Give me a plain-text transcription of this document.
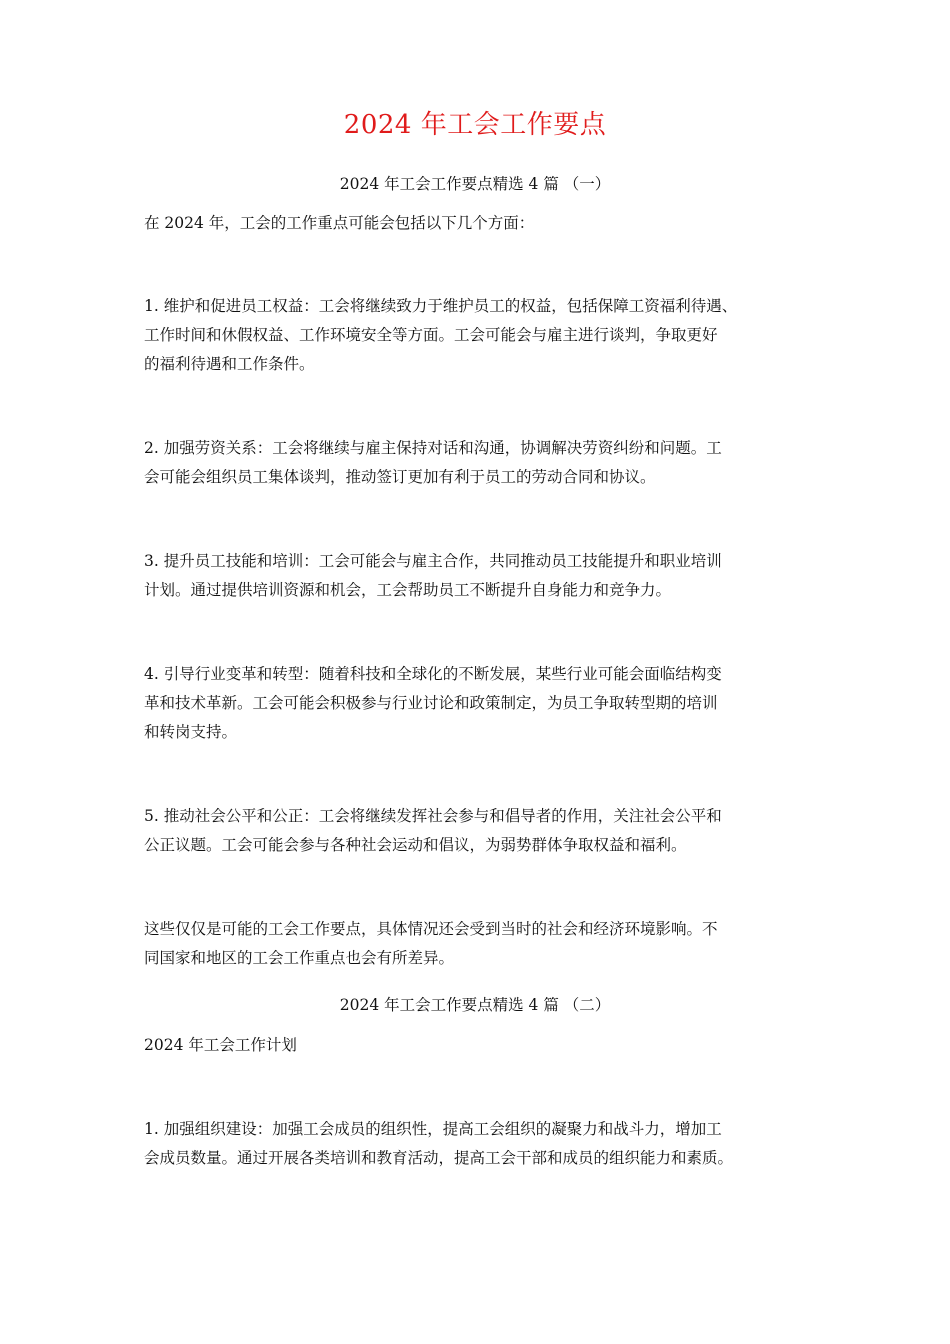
2024 年工会工作要点

2024 年工会工作要点精选 4 篇 （一）

在 2024 年，工会的工作重点可能会包括以下几个方面：

1. 维护和促进员工权益：工会将继续致力于维护员工的权益，包括保障工资福利待遇、

工作时间和休假权益、工作环境安全等方面。工会可能会与雇主进行谈判，争取更好

的福利待遇和工作条件。

2. 加强劳资关系：工会将继续与雇主保持对话和沟通，协调解决劳资纠纷和问题。工

会可能会组织员工集体谈判，推动签订更加有利于员工的劳动合同和协议。

3. 提升员工技能和培训：工会可能会与雇主合作，共同推动员工技能提升和职业培训

计划。通过提供培训资源和机会，工会帮助员工不断提升自身能力和竞争力。

4. 引导行业变革和转型：随着科技和全球化的不断发展，某些行业可能会面临结构变

革和技术革新。工会可能会积极参与行业讨论和政策制定，为员工争取转型期的培训

和转岗支持。

5. 推动社会公平和公正：工会将继续发挥社会参与和倡导者的作用，关注社会公平和

公正议题。工会可能会参与各种社会运动和倡议，为弱势群体争取权益和福利。

这些仅仅是可能的工会工作要点，具体情况还会受到当时的社会和经济环境影响。不

同国家和地区的工会工作重点也会有所差异。

2024 年工会工作要点精选 4 篇 （二）

2024 年工会工作计划

1. 加强组织建设：加强工会成员的组织性，提高工会组织的凝聚力和战斗力，增加工

会成员数量。通过开展各类培训和教育活动，提高工会干部和成员的组织能力和素质。
